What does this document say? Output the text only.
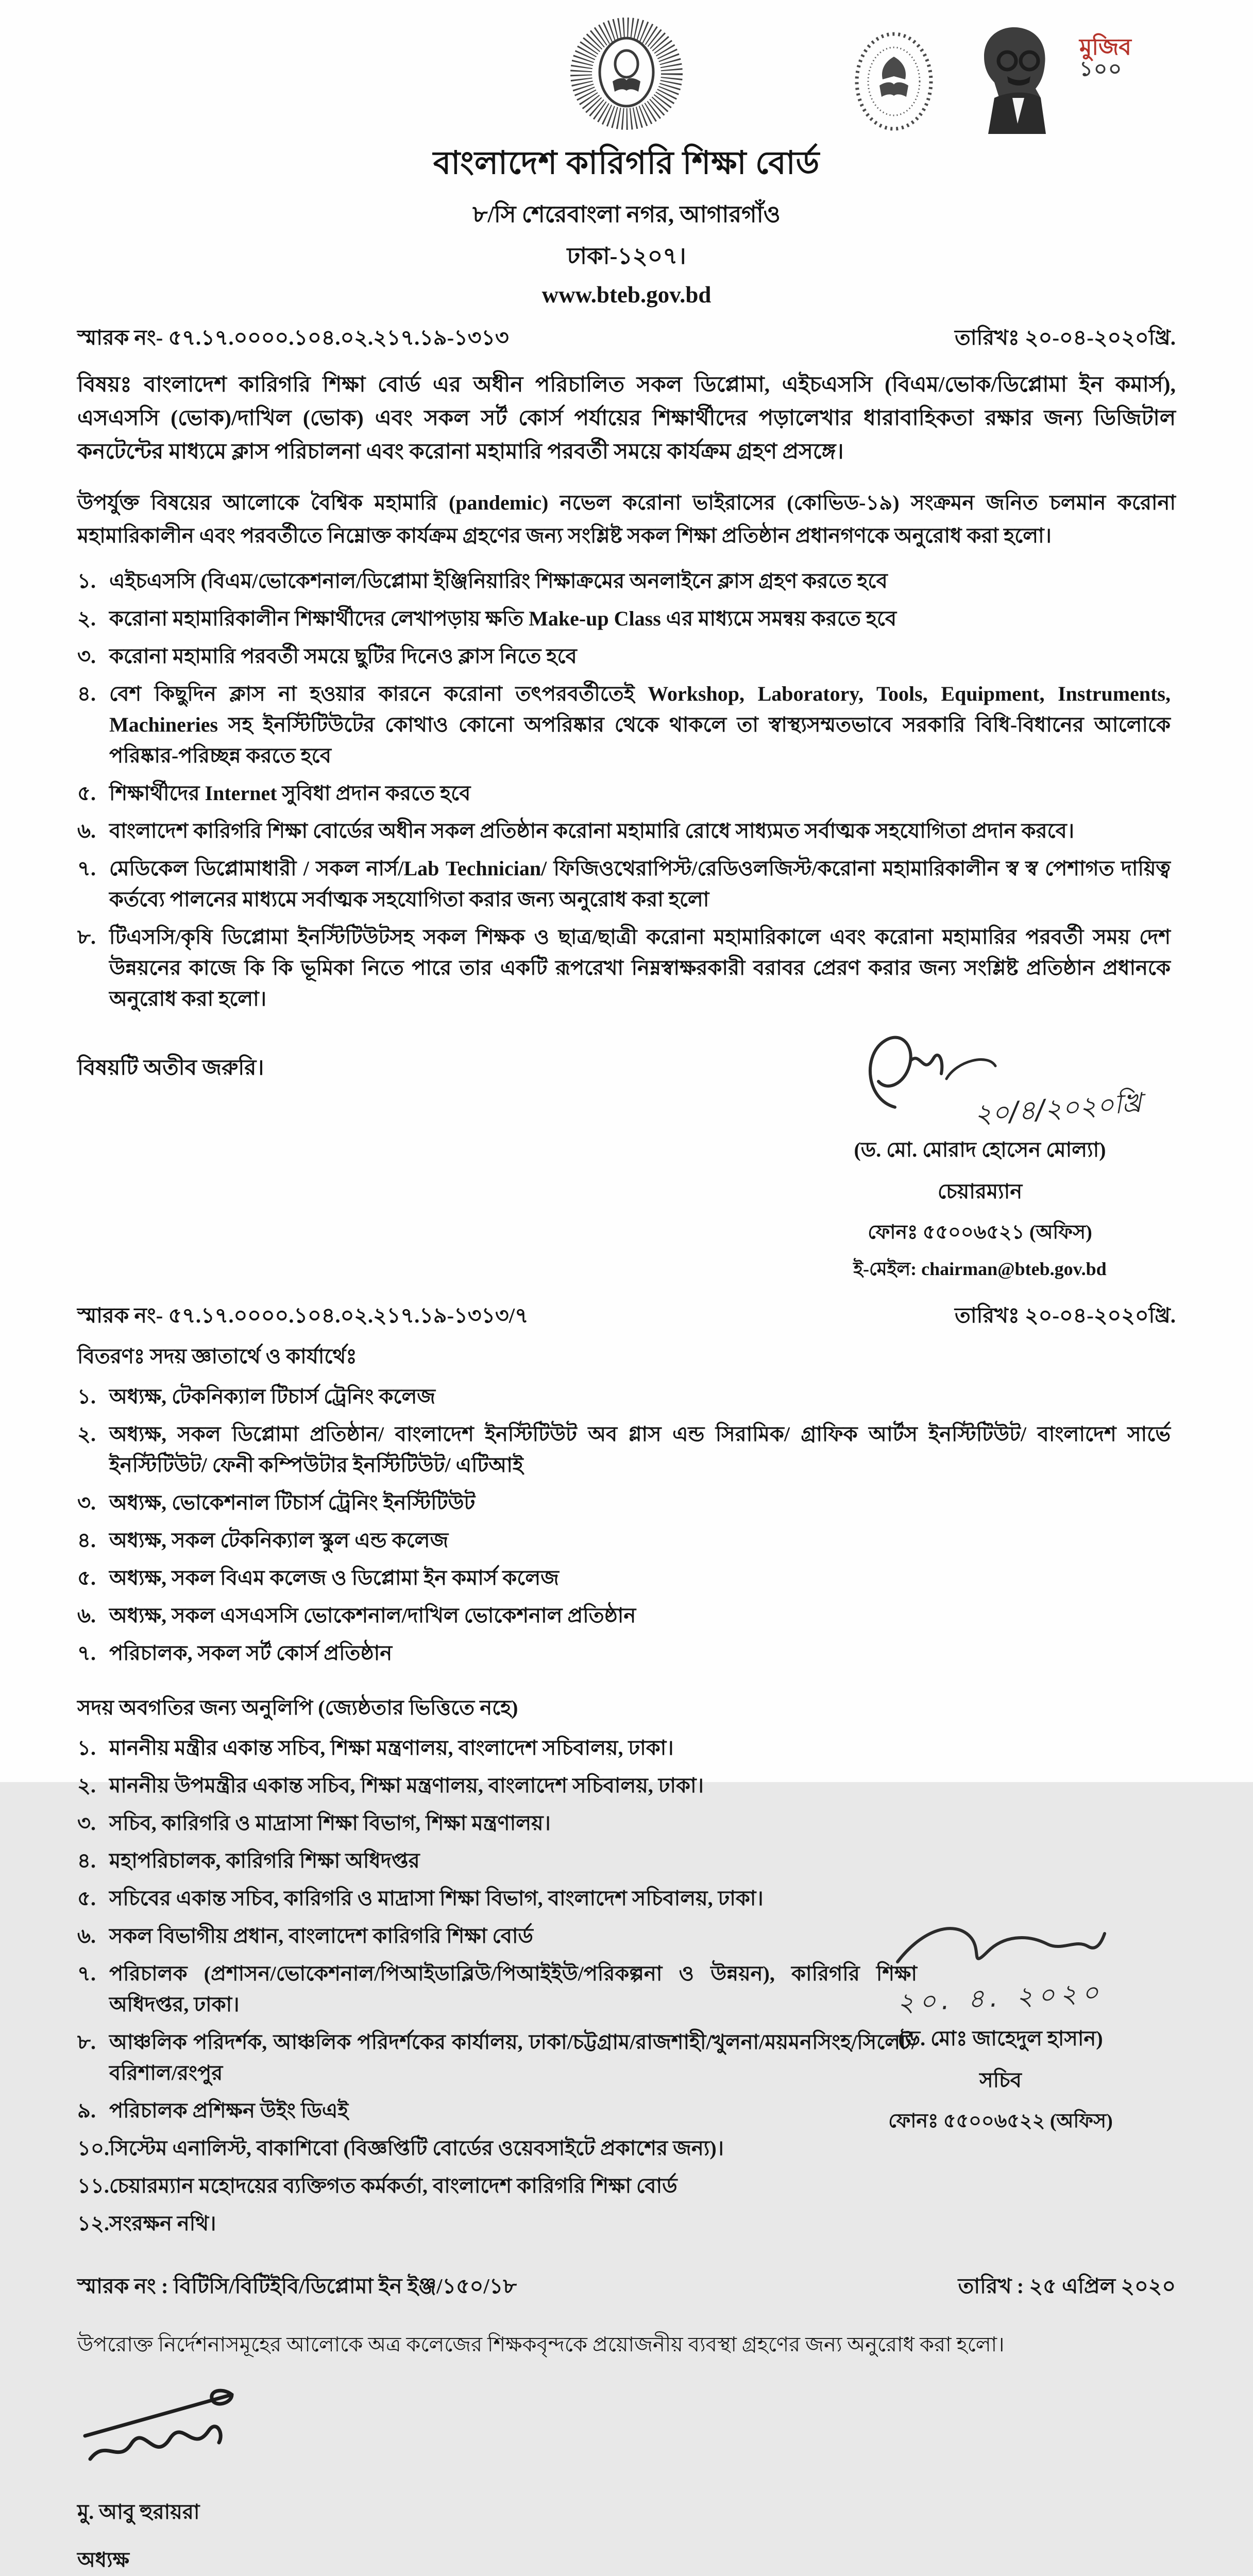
মুজিব
১০০
বাংলাদেশ কারিগরি শিক্ষা বোর্ড
৮/সি শেরেবাংলা নগর, আগারগাঁও
ঢাকা-১২০৭।
www.bteb.gov.bd
স্মারক নং- ৫৭.১৭.০০০০.১০৪.০২.২১৭.১৯-১৩১৩	তারিখঃ ২০-০৪-২০২০খ্রি.
বিষয়ঃ বাংলাদেশ কারিগরি শিক্ষা বোর্ড এর অধীন পরিচালিত সকল ডিপ্লোমা, এইচএসসি (বিএম/ভোক/ডিপ্লোমা ইন কমার্স), এসএসসি (ভোক)/দাখিল (ভোক) এবং সকল সর্ট কোর্স পর্যায়ের শিক্ষার্থীদের পড়ালেখার ধারাবাহিকতা রক্ষার জন্য ডিজিটাল কনটেন্টের মাধ্যমে ক্লাস পরিচালনা এবং করোনা মহামারি পরবর্তী সময়ে কার্যক্রম গ্রহণ প্রসঙ্গে।
উপর্যুক্ত বিষয়ের আলোকে বৈশ্বিক মহামারি (pandemic) নভেল করোনা ভাইরাসের (কোভিড-১৯) সংক্রমন জনিত চলমান করোনা মহামারিকালীন এবং পরবর্তীতে নিম্নোক্ত কার্যক্রম গ্রহণের জন্য সংশ্লিষ্ট সকল শিক্ষা প্রতিষ্ঠান প্রধানগণকে অনুরোধ করা হলো।
১. এইচএসসি (বিএম/ভোকেশনাল/ডিপ্লোমা ইঞ্জিনিয়ারিং শিক্ষাক্রমের অনলাইনে ক্লাস গ্রহণ করতে হবে
২. করোনা মহামারিকালীন শিক্ষার্থীদের লেখাপড়ায় ক্ষতি Make-up Class এর মাধ্যমে সমন্বয় করতে হবে
৩. করোনা মহামারি পরবর্তী সময়ে ছুটির দিনেও ক্লাস নিতে হবে
৪. বেশ কিছুদিন ক্লাস না হওয়ার কারনে করোনা তৎপরবর্তীতেই Workshop, Laboratory, Tools, Equipment, Instruments, Machineries সহ ইনস্টিটিউটের কোথাও কোনো অপরিষ্কার থেকে থাকলে তা স্বাস্থ্যসম্মতভাবে সরকারি বিধি-বিধানের আলোকে পরিষ্কার-পরিচ্ছন্ন করতে হবে
৫. শিক্ষার্থীদের Internet সুবিধা প্রদান করতে হবে
৬. বাংলাদেশ কারিগরি শিক্ষা বোর্ডের অধীন সকল প্রতিষ্ঠান করোনা মহামারি রোধে সাধ্যমত সর্বাত্মক সহযোগিতা প্রদান করবে।
৭. মেডিকেল ডিপ্লোমাধারী / সকল নার্স/Lab Technician/ ফিজিওথেরাপিস্ট/রেডিওলজিস্ট/করোনা মহামারিকালীন স্ব স্ব পেশাগত দায়িত্ব কর্তব্যে পালনের মাধ্যমে সর্বাত্মক সহযোগিতা করার জন্য অনুরোধ করা হলো
৮. টিএসসি/কৃষি ডিপ্লোমা ইনস্টিটিউটসহ সকল শিক্ষক ও ছাত্র/ছাত্রী করোনা মহামারিকালে এবং করোনা মহামারির পরবর্তী সময় দেশ উন্নয়নের কাজে কি কি ভূমিকা নিতে পারে তার একটি রূপরেখা নিম্নস্বাক্ষরকারী বরাবর প্রেরণ করার জন্য সংশ্লিষ্ট প্রতিষ্ঠান প্রধানকে অনুরোধ করা হলো।
বিষয়টি অতীব জরুরি।
২০/৪/২০২০খ্রি
(ড. মো. মোরাদ হোসেন মোল্যা)
চেয়ারম্যান
ফোনঃ ৫৫০০৬৫২১ (অফিস)
ই-মেইল: chairman@bteb.gov.bd
স্মারক নং- ৫৭.১৭.০০০০.১০৪.০২.২১৭.১৯-১৩১৩/৭	তারিখঃ ২০-০৪-২০২০খ্রি.
বিতরণঃ সদয় জ্ঞাতার্থে ও কার্যার্থেঃ
১. অধ্যক্ষ, টেকনিক্যাল টিচার্স ট্রেনিং কলেজ
২. অধ্যক্ষ, সকল ডিপ্লোমা প্রতিষ্ঠান/ বাংলাদেশ ইনস্টিটিউট অব গ্লাস এন্ড সিরামিক/ গ্রাফিক আর্টস ইনস্টিটিউট/ বাংলাদেশ সার্ভে ইনস্টিটিউট/ ফেনী কম্পিউটার ইনস্টিটিউট/ এটিআই
৩. অধ্যক্ষ, ভোকেশনাল টিচার্স ট্রেনিং ইনস্টিটিউট
৪. অধ্যক্ষ, সকল টেকনিক্যাল স্কুল এন্ড কলেজ
৫. অধ্যক্ষ, সকল বিএম কলেজ ও ডিপ্লোমা ইন কমার্স কলেজ
৬. অধ্যক্ষ, সকল এসএসসি ভোকেশনাল/দাখিল ভোকেশনাল প্রতিষ্ঠান
৭. পরিচালক, সকল সর্ট কোর্স প্রতিষ্ঠান
সদয় অবগতির জন্য অনুলিপি (জ্যেষ্ঠতার ভিত্তিতে নহে)
১. মাননীয় মন্ত্রীর একান্ত সচিব, শিক্ষা মন্ত্রণালয়, বাংলাদেশ সচিবালয়, ঢাকা।
২. মাননীয় উপমন্ত্রীর একান্ত সচিব, শিক্ষা মন্ত্রণালয়, বাংলাদেশ সচিবালয়, ঢাকা।
৩. সচিব, কারিগরি ও মাদ্রাসা শিক্ষা বিভাগ, শিক্ষা মন্ত্রণালয়।
৪. মহাপরিচালক, কারিগরি শিক্ষা অধিদপ্তর
৫. সচিবের একান্ত সচিব, কারিগরি ও মাদ্রাসা শিক্ষা বিভাগ, বাংলাদেশ সচিবালয়, ঢাকা।
৬. সকল বিভাগীয় প্রধান, বাংলাদেশ কারিগরি শিক্ষা বোর্ড
৭. পরিচালক (প্রশাসন/ভোকেশনাল/পিআইডাব্লিউ/পিআইইউ/পরিকল্পনা ও উন্নয়ন), কারিগরি শিক্ষা অধিদপ্তর, ঢাকা।
৮. আঞ্চলিক পরিদর্শক, আঞ্চলিক পরিদর্শকের কার্যালয়, ঢাকা/চট্টগ্রাম/রাজশাহী/খুলনা/ময়মনসিংহ/সিলেট/বরিশাল/রংপুর
৯. পরিচালক প্রশিক্ষন উইং ডিএই
১০. সিস্টেম এনালিস্ট, বাকাশিবো (বিজ্ঞপ্তিটি বোর্ডের ওয়েবসাইটে প্রকাশের জন্য)।
১১. চেয়ারম্যান মহোদয়ের ব্যক্তিগত কর্মকর্তা, বাংলাদেশ কারিগরি শিক্ষা বোর্ড
১২. সংরক্ষন নথি।
২০. ৪. ২০২০
(ড. মোঃ জাহেদুল হাসান)
সচিব
ফোনঃ ৫৫০০৬৫২২ (অফিস)
স্মারক নং : বিটিসি/বিটিইবি/ডিপ্লোমা ইন ইঞ্জ/১৫০/১৮	তারিখ : ২৫ এপ্রিল ২০২০
উপরোক্ত নির্দেশনাসমূহের আলোকে অত্র কলেজের শিক্ষকবৃন্দকে প্রয়োজনীয় ব্যবস্থা গ্রহণের জন্য অনুরোধ করা হলো।
মু. আবু হুরায়রা
অধ্যক্ষ
